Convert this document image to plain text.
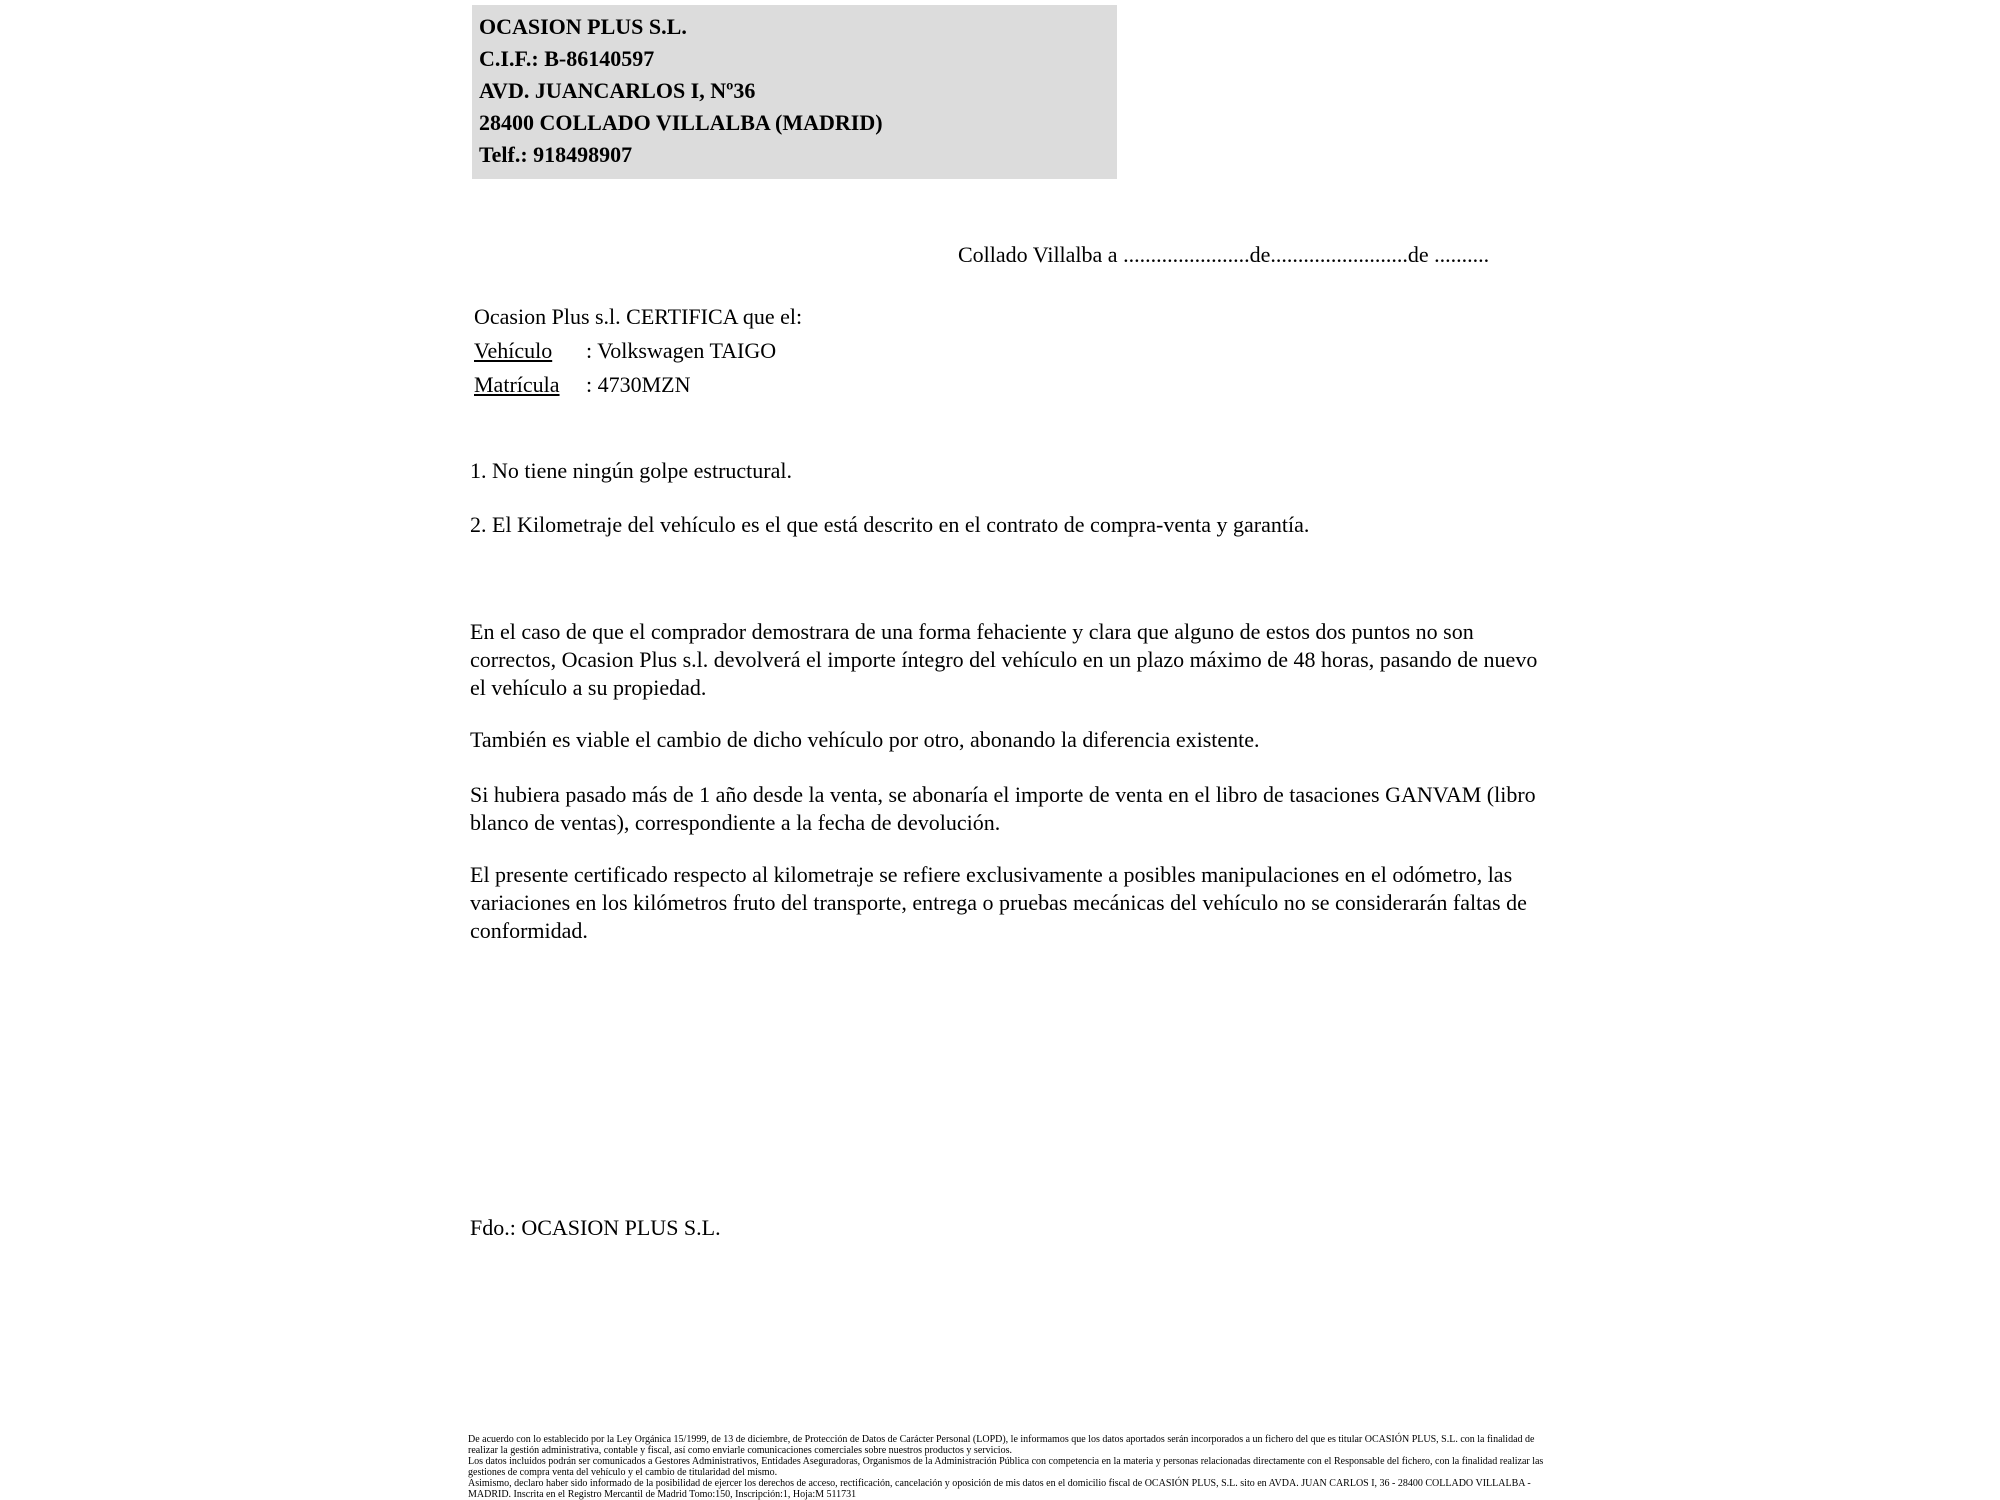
OCASION PLUS S.L.
C.I.F.: B-86140597
AVD. JUANCARLOS I, Nº36
28400 COLLADO VILLALBA (MADRID)
Telf.: 918498907
Collado Villalba a .......................de.........................de ..........
Ocasion Plus s.l. CERTIFICA que el:
Vehículo : Volkswagen TAIGO
Matrícula : 4730MZN
1. No tiene ningún golpe estructural.
2. El Kilometraje del vehículo es el que está descrito en el contrato de compra-venta y garantía.
En el caso de que el comprador demostrara de una forma fehaciente y clara que alguno de estos dos puntos no son correctos, Ocasion Plus s.l. devolverá el importe íntegro del vehículo en un plazo máximo de 48 horas, pasando de nuevo el vehículo a su propiedad.
También es viable el cambio de dicho vehículo por otro, abonando la diferencia existente.
Si hubiera pasado más de 1 año desde la venta, se abonaría el importe de venta en el libro de tasaciones GANVAM (libro blanco de ventas), correspondiente a la fecha de devolución.
El presente certificado respecto al kilometraje se refiere exclusivamente a posibles manipulaciones en el odómetro, las variaciones en los kilómetros fruto del transporte, entrega o pruebas mecánicas del vehículo no se considerarán faltas de conformidad.
Fdo.: OCASION PLUS S.L.

De acuerdo con lo establecido por la Ley Orgánica 15/1999, de 13 de diciembre, de Protección de Datos de Carácter Personal (LOPD), le informamos que los datos aportados serán incorporados a un fichero del que es titular OCASIÓN PLUS, S.L. con la finalidad de realizar la gestión administrativa, contable y fiscal, así como enviarle comunicaciones comerciales sobre nuestros productos y servicios.

Los datos incluidos podrán ser comunicados a Gestores Administrativos, Entidades Aseguradoras, Organismos de la Administración Pública con competencia en la materia y personas relacionadas directamente con el Responsable del fichero, con la finalidad realizar las gestiones de compra venta del vehículo y el cambio de titularidad del mismo.

Asimismo, declaro haber sido informado de la posibilidad de ejercer los derechos de acceso, rectificación, cancelación y oposición de mis datos en el domicilio fiscal de OCASIÓN PLUS, S.L. sito en AVDA. JUAN CARLOS I, 36 - 28400 COLLADO VILLALBA - MADRID. Inscrita en el Registro Mercantil de Madrid Tomo:150, Inscripción:1, Hoja:M 511731
